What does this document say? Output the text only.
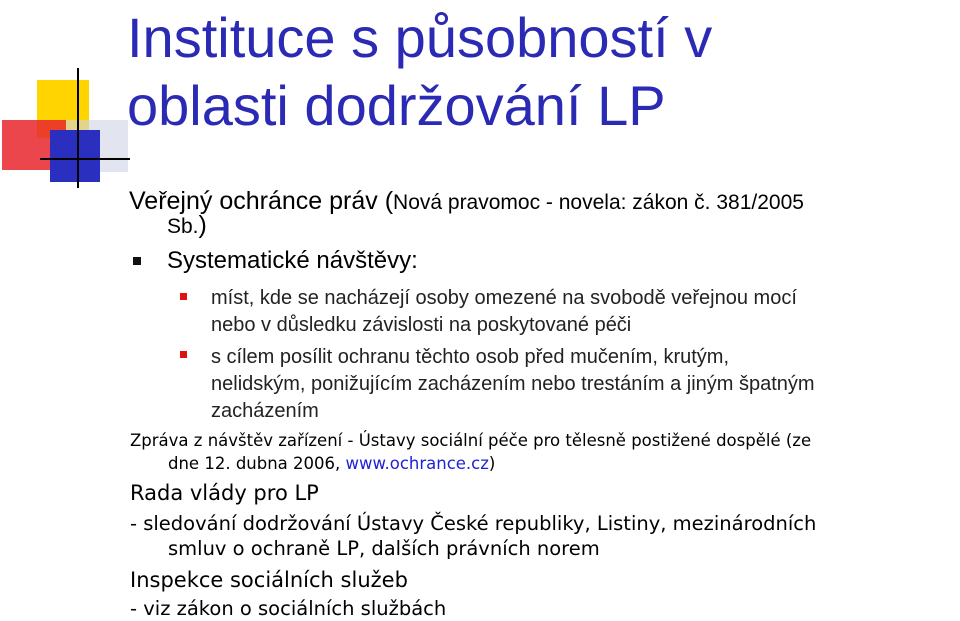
Instituce s působností v
oblasti dodržování LP
Veřejný ochránce práv (Nová pravomoc - novela: zákon č. 381/2005
Sb.)
Systematické návštěvy:
míst, kde se nacházejí osoby omezené na svobodě veřejnou mocí
nebo v důsledku závislosti na poskytované péči
s cílem posílit ochranu těchto osob před mučením, krutým,
nelidským, ponižujícím zacházením nebo trestáním a jiným špatným
zacházením
Zpráva z návštěv zařízení - Ústavy sociální péče pro tělesně postižené dospělé (ze
dne 12. dubna 2006, www.ochrance.cz)
Rada vlády pro LP
- sledování dodržování Ústavy České republiky, Listiny, mezinárodních
smluv o ochraně LP, dalších právních norem
Inspekce sociálních služeb
- viz zákon o sociálních službách
